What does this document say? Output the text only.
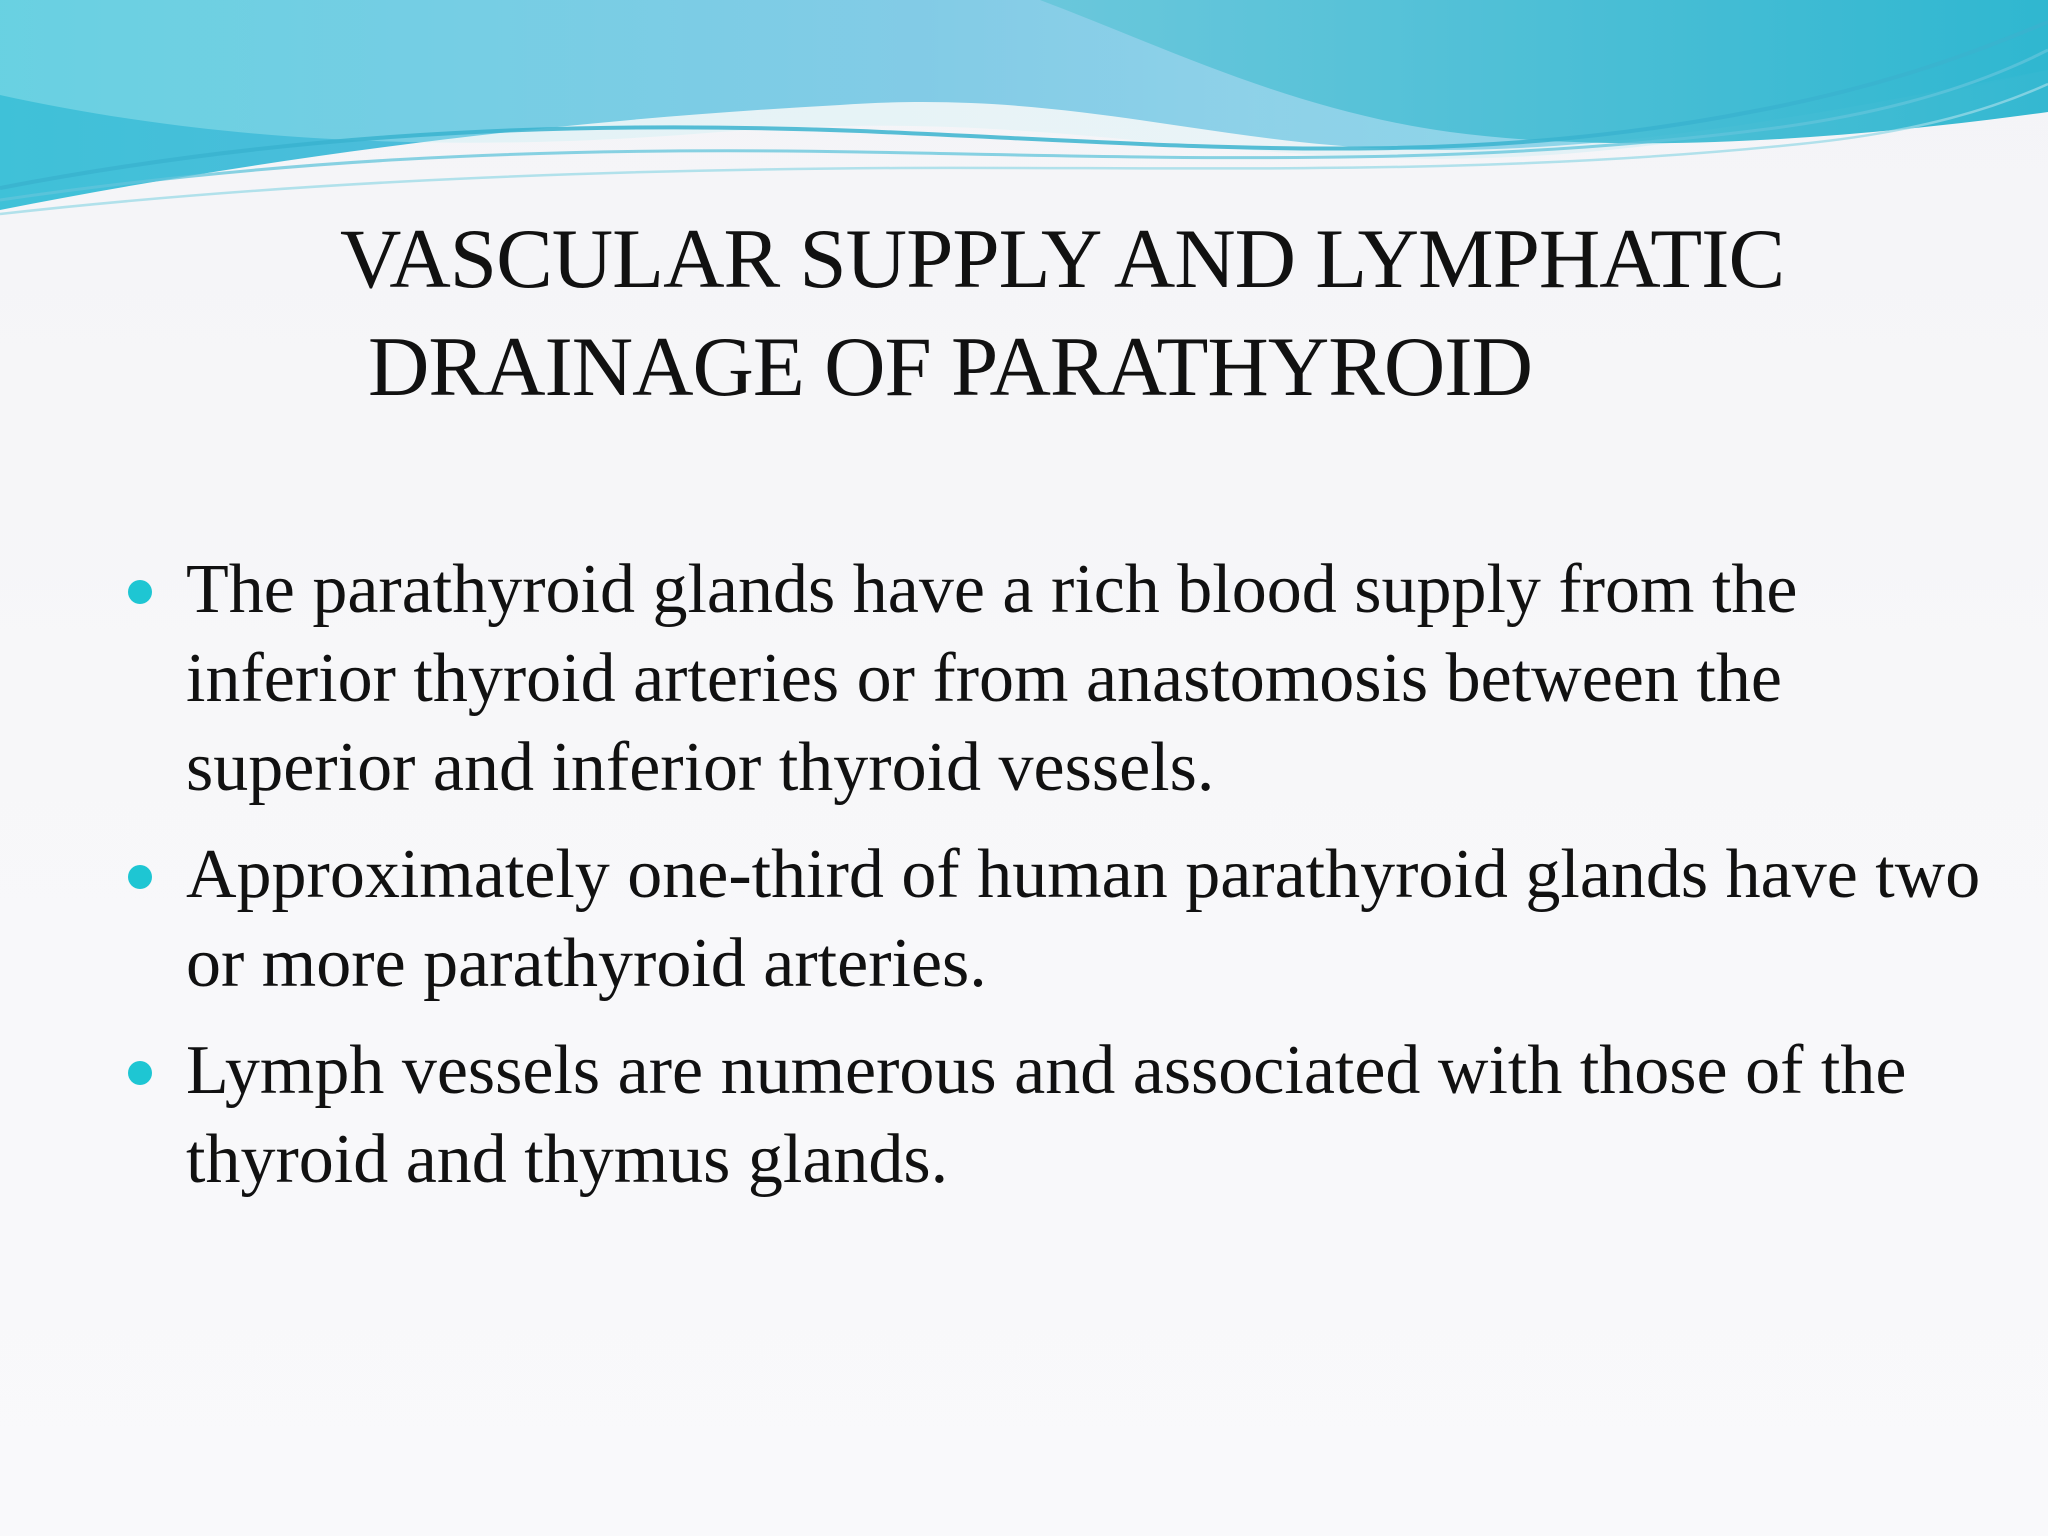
VASCULAR SUPPLY AND LYMPHATIC
DRAINAGE OF PARATHYROID
The parathyroid glands have a rich blood supply from the inferior thyroid arteries or from anastomosis between the superior and inferior thyroid vessels.
Approximately one-third of human parathyroid glands have two or more parathyroid arteries.
Lymph vessels are numerous and associated with those of the thyroid and thymus glands.
